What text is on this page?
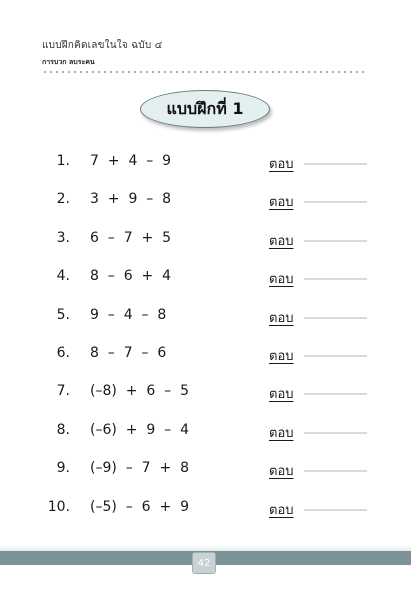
แบบฝึกคิดเลขในใจ ฉบับ ๔
การบวก ลบระคน
แบบฝึกที่ 1
1. 7  +  4  –  9	ตอบ
2. 3  +  9  –  8	ตอบ
3. 6  –  7  +  5	ตอบ
4. 8  –  6  +  4	ตอบ
5. 9  –  4  –  8	ตอบ
6. 8  –  7  –  6	ตอบ
7. (–8)  +  6  –  5	ตอบ
8. (–6)  +  9  –  4	ตอบ
9. (–9)  –  7  +  8	ตอบ
10. (–5)  –  6  +  9	ตอบ
42
